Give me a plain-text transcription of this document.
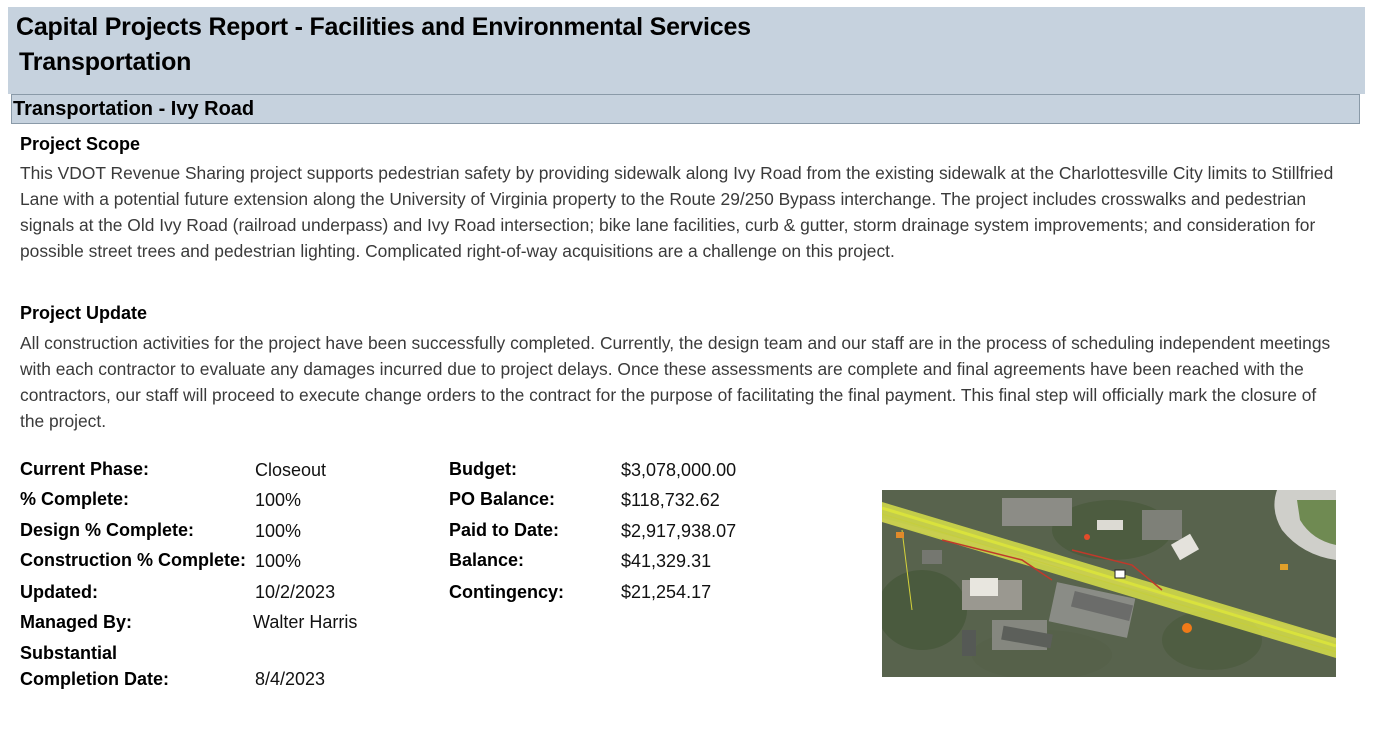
Capital Projects Report - Facilities and Environmental Services
Transportation
Transportation - Ivy Road
Project Scope
This VDOT Revenue Sharing project supports pedestrian safety by providing sidewalk along Ivy Road from the existing sidewalk at the Charlottesville City limits to Stillfried Lane with a potential future extension along the University of Virginia property to the Route 29/250 Bypass interchange. The project includes crosswalks and pedestrian signals at the Old Ivy Road (railroad underpass) and Ivy Road intersection; bike lane facilities, curb & gutter, storm drainage system improvements; and consideration for possible street trees and pedestrian lighting. Complicated right-of-way acquisitions are a challenge on this project.
Project Update
All construction activities for the project have been successfully completed. Currently, the design team and our staff are in the process of scheduling independent meetings with each contractor to evaluate any damages incurred due to project delays. Once these assessments are complete and final agreements have been reached with the contractors, our staff will proceed to execute change orders to the contract for the purpose of facilitating the final payment. This final step will officially mark the closure of the project.
Current Phase:	Closeout
% Complete:	100%
Design % Complete:	100%
Construction % Complete: 100%
Updated:	10/2/2023
Managed By:	Walter Harris
Substantial
Completion Date:	8/4/2023
Budget:	$3,078,000.00
PO Balance:	$118,732.62
Paid to Date:	$2,917,938.07
Balance:	$41,329.31
Contingency:	$21,254.17
